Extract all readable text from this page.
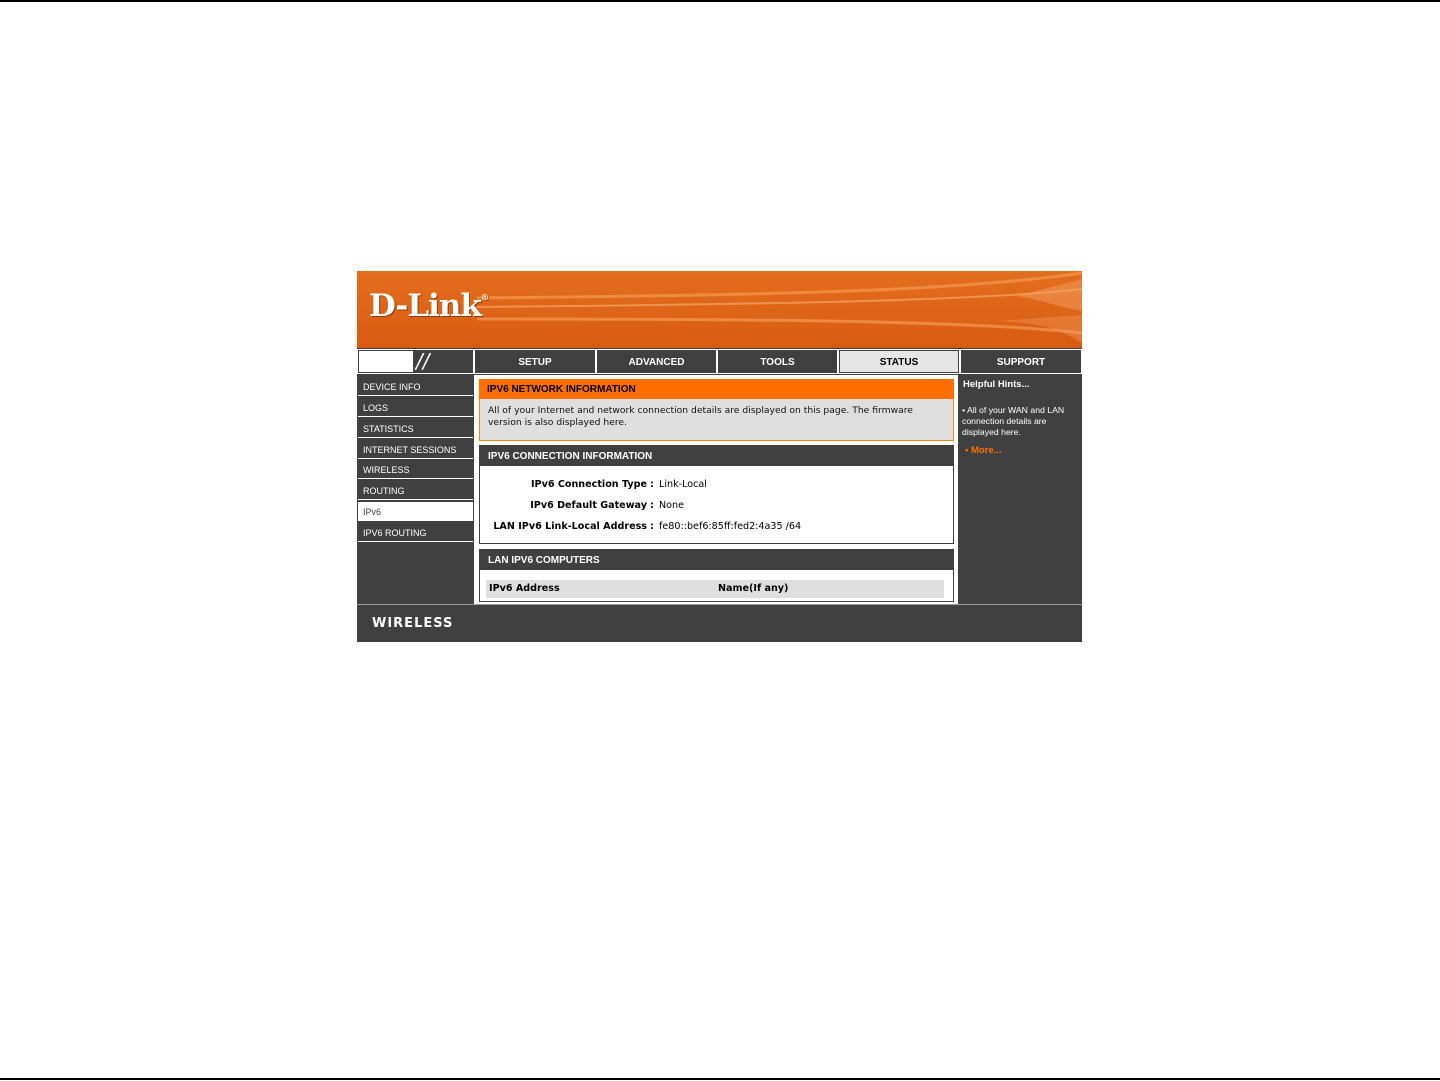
D-Link®
//	SETUP	ADVANCED	TOOLS	STATUS	SUPPORT
DEVICE INFO
LOGS
STATISTICS
INTERNET SESSIONS
WIRELESS
ROUTING
IPv6
IPV6 ROUTING
IPV6 NETWORK INFORMATION
All of your Internet and network connection details are displayed on this page. The firmware version is also displayed here.
IPV6 CONNECTION INFORMATION
IPv6 Connection Type : Link-Local
IPv6 Default Gateway : None
LAN IPv6 Link-Local Address : fe80::bef6:85ff:fed2:4a35 /64
LAN IPV6 COMPUTERS
IPv6 Address	Name(If any)
Helpful Hints...
• All of your WAN and LAN connection details are displayed here.
• More...
WIRELESS
